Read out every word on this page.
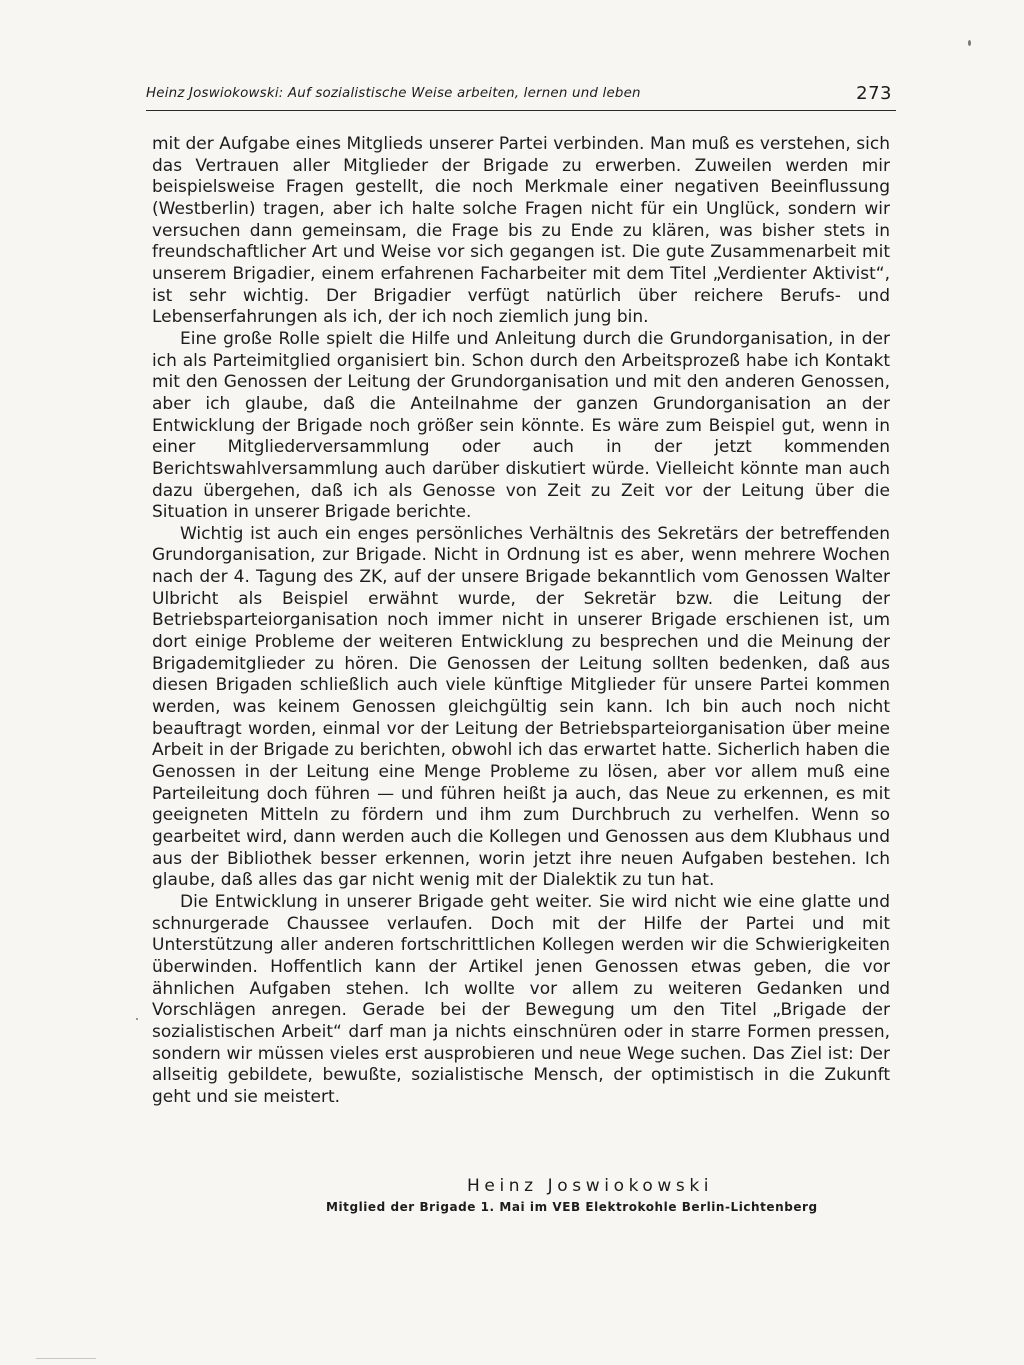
Heinz Joswiokowski: Auf sozialistische Weise arbeiten, lernen und leben	273

mit der Aufgabe eines Mitglieds unserer Partei verbinden. Man muß es verstehen, sich das Vertrauen aller Mitglieder der Brigade zu erwerben. Zuweilen werden mir beispielsweise Fragen gestellt, die noch Merkmale einer negativen Beeinflussung (Westberlin) tragen, aber ich halte solche Fragen nicht für ein Unglück, sondern wir versuchen dann gemeinsam, die Frage bis zu Ende zu klären, was bisher stets in freundschaftlicher Art und Weise vor sich gegangen ist. Die gute Zusammenarbeit mit unserem Brigadier, einem erfahrenen Facharbeiter mit dem Titel „Verdienter Aktivist“, ist sehr wichtig. Der Brigadier verfügt natürlich über reichere Berufs- und Lebenserfahrungen als ich, der ich noch ziemlich jung bin.

Eine große Rolle spielt die Hilfe und Anleitung durch die Grundorganisation, in der ich als Parteimitglied organisiert bin. Schon durch den Arbeitsprozeß habe ich Kontakt mit den Genossen der Leitung der Grundorganisation und mit den anderen Genossen, aber ich glaube, daß die Anteilnahme der ganzen Grundorganisation an der Entwicklung der Brigade noch größer sein könnte. Es wäre zum Beispiel gut, wenn in einer Mitgliederversammlung oder auch in der jetzt kommenden Berichtswahlversammlung auch darüber diskutiert würde. Vielleicht könnte man auch dazu übergehen, daß ich als Genosse von Zeit zu Zeit vor der Leitung über die Situation in unserer Brigade berichte.

Wichtig ist auch ein enges persönliches Verhältnis des Sekretärs der betreffenden Grundorganisation, zur Brigade. Nicht in Ordnung ist es aber, wenn mehrere Wochen nach der 4. Tagung des ZK, auf der unsere Brigade bekanntlich vom Genossen Walter Ulbricht als Beispiel erwähnt wurde, der Sekretär bzw. die Leitung der Betriebsparteiorganisation noch immer nicht in unserer Brigade erschienen ist, um dort einige Probleme der weiteren Entwicklung zu besprechen und die Meinung der Brigademitglieder zu hören. Die Genossen der Leitung sollten bedenken, daß aus diesen Brigaden schließlich auch viele künftige Mitglieder für unsere Partei kommen werden, was keinem Genossen gleichgültig sein kann. Ich bin auch noch nicht beauftragt worden, einmal vor der Leitung der Betriebsparteiorganisation über meine Arbeit in der Brigade zu berichten, obwohl ich das erwartet hatte. Sicherlich haben die Genossen in der Leitung eine Menge Probleme zu lösen, aber vor allem muß eine Parteileitung doch führen — und führen heißt ja auch, das Neue zu erkennen, es mit geeigneten Mitteln zu fördern und ihm zum Durchbruch zu verhelfen. Wenn so gearbeitet wird, dann werden auch die Kollegen und Genossen aus dem Klubhaus und aus der Bibliothek besser erkennen, worin jetzt ihre neuen Aufgaben bestehen. Ich glaube, daß alles das gar nicht wenig mit der Dialektik zu tun hat.

Die Entwicklung in unserer Brigade geht weiter. Sie wird nicht wie eine glatte und schnurgerade Chaussee verlaufen. Doch mit der Hilfe der Partei und mit Unterstützung aller anderen fortschrittlichen Kollegen werden wir die Schwierigkeiten überwinden. Hoffentlich kann der Artikel jenen Genossen etwas geben, die vor ähnlichen Aufgaben stehen. Ich wollte vor allem zu weiteren Gedanken und Vorschlägen anregen. Gerade bei der Bewegung um den Titel „Brigade der sozialistischen Arbeit“ darf man ja nichts einschnüren oder in starre Formen pressen, sondern wir müssen vieles erst ausprobieren und neue Wege suchen. Das Ziel ist: Der allseitig gebildete, bewußte, sozialistische Mensch, der optimistisch in die Zukunft geht und sie meistert.

Heinz Joswiokowski
Mitglied der Brigade 1. Mai im VEB Elektrokohle Berlin-Lichtenberg
